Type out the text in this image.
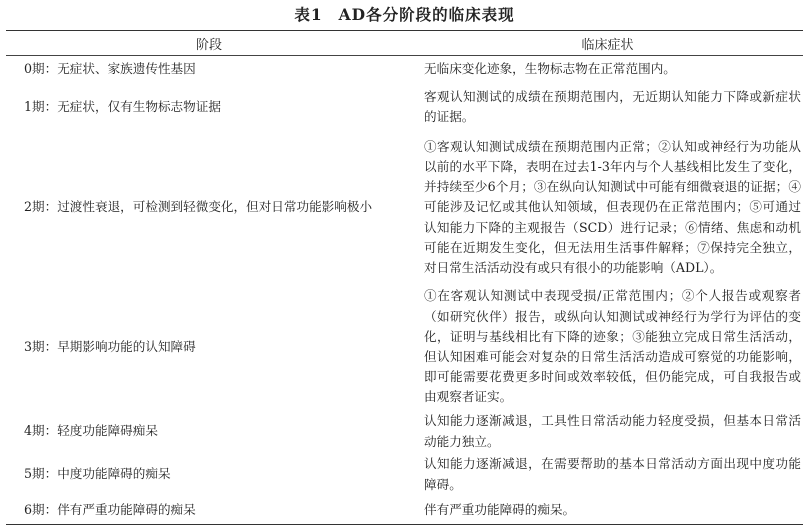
表1 AD各分阶段的临床表现
阶段	临床症状
0期：无症状、家族遗传性基因	无临床变化迹象，生物标志物在正常范围内。
1期：无症状，仅有生物标志物证据	客观认知测试的成绩在预期范围内，无近期认知能力下降或新症状的证据。
2期：过渡性衰退，可检测到轻微变化，但对日常功能影响极小	①客观认知测试成绩在预期范围内正常；②认知或神经行为功能从以前的水平下降，表明在过去1-3年内与个人基线相比发生了变化，并持续至少6个月；③在纵向认知测试中可能有细微衰退的证据；④可能涉及记忆或其他认知领域，但表现仍在正常范围内；⑤可通过认知能力下降的主观报告（SCD）进行记录；⑥情绪、焦虑和动机可能在近期发生变化，但无法用生活事件解释；⑦保持完全独立，对日常生活活动没有或只有很小的功能影响（ADL）。
3期：早期影响功能的认知障碍	①在客观认知测试中表现受损/正常范围内；②个人报告或观察者（如研究伙伴）报告，或纵向认知测试或神经行为学行为评估的变化，证明与基线相比有下降的迹象；③能独立完成日常生活活动，但认知困难可能会对复杂的日常生活活动造成可察觉的功能影响，即可能需要花费更多时间或效率较低，但仍能完成，可自我报告或由观察者证实。
4期：轻度功能障碍痴呆	认知能力逐渐减退，工具性日常活动能力轻度受损，但基本日常活动能力独立。
5期：中度功能障碍的痴呆	认知能力逐渐减退，在需要帮助的基本日常活动方面出现中度功能障碍。
6期：伴有严重功能障碍的痴呆	伴有严重功能障碍的痴呆。
